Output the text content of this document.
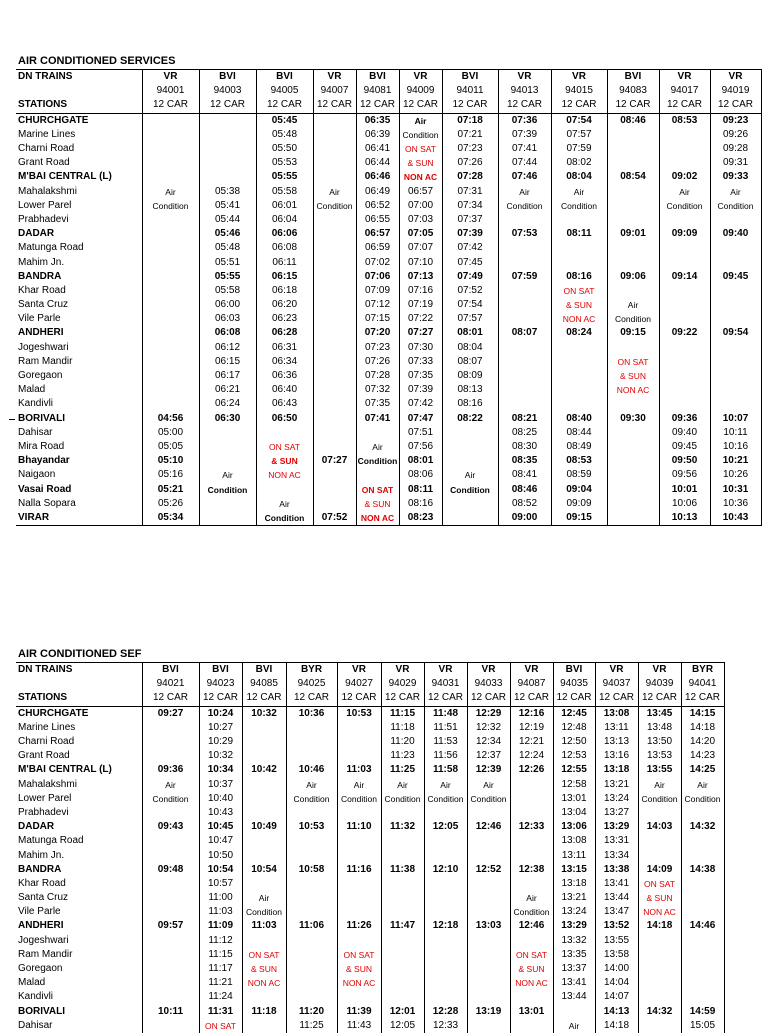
AIR CONDITIONED SERVICES
DN TRAINS	VR	BVI	BVI	VR	BVI	VR	BVI	VR	VR	BVI	VR	VR
	94001	94003	94005	94007	94081	94009	94011	94013	94015	94083	94017	94019
STATIONS	12 CAR	12 CAR	12 CAR	12 CAR	12 CAR	12 CAR	12 CAR	12 CAR	12 CAR	12 CAR	12 CAR	12 CAR
CHURCHGATE			05:45		06:35	Air	07:18	07:36	07:54	08:46	08:53	09:23
Marine Lines			05:48		06:39	Condition	07:21	07:39	07:57			09:26
Charni Road			05:50		06:41	ON SAT	07:23	07:41	07:59			09:28
Grant Road			05:53		06:44	& SUN	07:26	07:44	08:02			09:31
M'BAI CENTRAL (L)			05:55		06:46	NON AC	07:28	07:46	08:04	08:54	09:02	09:33
Mahalakshmi	Air	05:38	05:58	Air	06:49	06:57	07:31	Air	Air		Air	Air
Lower Parel	Condition	05:41	06:01	Condition	06:52	07:00	07:34	Condition	Condition		Condition	Condition
Prabhadevi		05:44	06:04		06:55	07:03	07:37					
DADAR		05:46	06:06		06:57	07:05	07:39	07:53	08:11	09:01	09:09	09:40
Matunga Road		05:48	06:08		06:59	07:07	07:42					
Mahim Jn.		05:51	06:11		07:02	07:10	07:45					
BANDRA		05:55	06:15		07:06	07:13	07:49	07:59	08:16	09:06	09:14	09:45
Khar Road		05:58	06:18		07:09	07:16	07:52		ON SAT			
Santa Cruz		06:00	06:20		07:12	07:19	07:54		& SUN	Air		
Vile Parle		06:03	06:23		07:15	07:22	07:57		NON AC	Condition		
ANDHERI		06:08	06:28		07:20	07:27	08:01	08:07	08:24	09:15	09:22	09:54
Jogeshwari		06:12	06:31		07:23	07:30	08:04					
Ram Mandir		06:15	06:34		07:26	07:33	08:07			ON SAT		
Goregaon		06:17	06:36		07:28	07:35	08:09			& SUN		
Malad		06:21	06:40		07:32	07:39	08:13			NON AC		
Kandivli		06:24	06:43		07:35	07:42	08:16					
BORIVALI	04:56	06:30	06:50		07:41	07:47	08:22	08:21	08:40	09:30	09:36	10:07
Dahisar	05:00					07:51		08:25	08:44		09:40	10:11
Mira Road	05:05		ON SAT		Air	07:56		08:30	08:49		09:45	10:16
Bhayandar	05:10		& SUN	07:27	Condition	08:01		08:35	08:53		09:50	10:21
Naigaon	05:16	Air	NON AC			08:06	Air	08:41	08:59		09:56	10:26
Vasai Road	05:21	Condition			ON SAT	08:11	Condition	08:46	09:04		10:01	10:31
Nalla Sopara	05:26		Air		& SUN	08:16		08:52	09:09		10:06	10:36
VIRAR	05:34		Condition	07:52	NON AC	08:23		09:00	09:15		10:13	10:43
AIR CONDITIONED SEF
DN TRAINS	BVI	BVI	BVI	BYR	VR	VR	VR	VR	VR	BVI	VR	VR	BYR
	94021	94023	94085	94025	94027	94029	94031	94033	94087	94035	94037	94039	94041
STATIONS	12 CAR	12 CAR	12 CAR	12 CAR	12 CAR	12 CAR	12 CAR	12 CAR	12 CAR	12 CAR	12 CAR	12 CAR	12 CAR
CHURCHGATE	09:27	10:24	10:32	10:36	10:53	11:15	11:48	12:29	12:16	12:45	13:08	13:45	14:15
Marine Lines		10:27				11:18	11:51	12:32	12:19	12:48	13:11	13:48	14:18
Charni Road		10:29				11:20	11:53	12:34	12:21	12:50	13:13	13:50	14:20
Grant Road		10:32				11:23	11:56	12:37	12:24	12:53	13:16	13:53	14:23
M'BAI CENTRAL (L)	09:36	10:34	10:42	10:46	11:03	11:25	11:58	12:39	12:26	12:55	13:18	13:55	14:25
Mahalakshmi	Air	10:37		Air	Air	Air	Air	Air		12:58	13:21	Air	Air
Lower Parel	Condition	10:40		Condition	Condition	Condition	Condition	Condition		13:01	13:24	Condition	Condition
Prabhadevi		10:43								13:04	13:27		
DADAR	09:43	10:45	10:49	10:53	11:10	11:32	12:05	12:46	12:33	13:06	13:29	14:03	14:32
Matunga Road		10:47								13:08	13:31		
Mahim Jn.		10:50								13:11	13:34		
BANDRA	09:48	10:54	10:54	10:58	11:16	11:38	12:10	12:52	12:38	13:15	13:38	14:09	14:38
Khar Road		10:57								13:18	13:41	ON SAT	
Santa Cruz		11:00	Air						Air	13:21	13:44	& SUN	
Vile Parle		11:03	Condition						Condition	13:24	13:47	NON AC	
ANDHERI	09:57	11:09	11:03	11:06	11:26	11:47	12:18	13:03	12:46	13:29	13:52	14:18	14:46
Jogeshwari		11:12								13:32	13:55		
Ram Mandir		11:15	ON SAT		ON SAT				ON SAT	13:35	13:58		
Goregaon		11:17	& SUN		& SUN				& SUN	13:37	14:00		
Malad		11:21	NON AC		NON AC				NON AC	13:41	14:04		
Kandivli		11:24								13:44	14:07		
BORIVALI	10:11	11:31	11:18	11:20	11:39	12:01	12:28	13:19	13:01		14:13	14:32	14:59
Dahisar		ON SAT		11:25	11:43	12:05	12:33			Air	14:18		15:05
